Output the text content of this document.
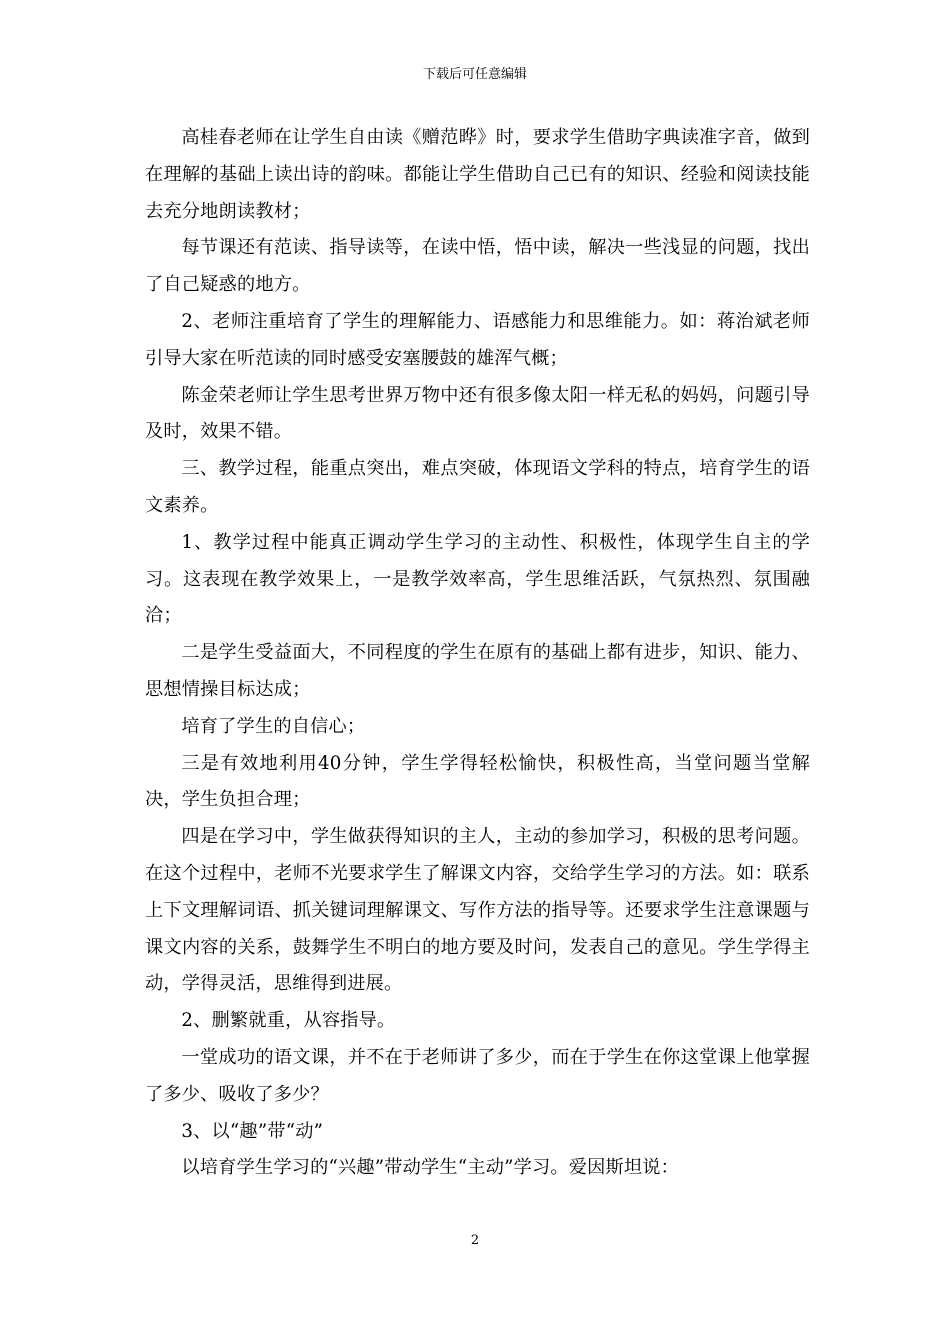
下载后可任意编辑

高桂春老师在让学生自由读《赠范晔》时，要求学生借助字典读准字音，做到在理解的基础上读出诗的韵味。都能让学生借助自己已有的知识、经验和阅读技能去充分地朗读教材；

每节课还有范读、指导读等，在读中悟，悟中读，解决一些浅显的问题，找出了自己疑惑的地方。

2、老师注重培育了学生的理解能力、语感能力和思维能力。如：蒋治斌老师引导大家在听范读的同时感受安塞腰鼓的雄浑气概；

陈金荣老师让学生思考世界万物中还有很多像太阳一样无私的妈妈，问题引导及时，效果不错。

三、教学过程，能重点突出，难点突破，体现语文学科的特点，培育学生的语文素养。

1、教学过程中能真正调动学生学习的主动性、积极性，体现学生自主的学习。这表现在教学效果上，一是教学效率高，学生思维活跃，气氛热烈、氛围融洽；

二是学生受益面大，不同程度的学生在原有的基础上都有进步，知识、能力、思想情操目标达成；

培育了学生的自信心；

三是有效地利用40分钟，学生学得轻松愉快，积极性高，当堂问题当堂解决，学生负担合理；

四是在学习中，学生做获得知识的主人，主动的参加学习，积极的思考问题。在这个过程中，老师不光要求学生了解课文内容，交给学生学习的方法。如：联系上下文理解词语、抓关键词理解课文、写作方法的指导等。还要求学生注意课题与课文内容的关系，鼓舞学生不明白的地方要及时问，发表自己的意见。学生学得主动，学得灵活，思维得到进展。

2、删繁就重，从容指导。

一堂成功的语文课，并不在于老师讲了多少，而在于学生在你这堂课上他掌握了多少、吸收了多少？

3、以“趣”带“动”

以培育学生学习的“兴趣”带动学生“主动”学习。爱因斯坦说：

2
